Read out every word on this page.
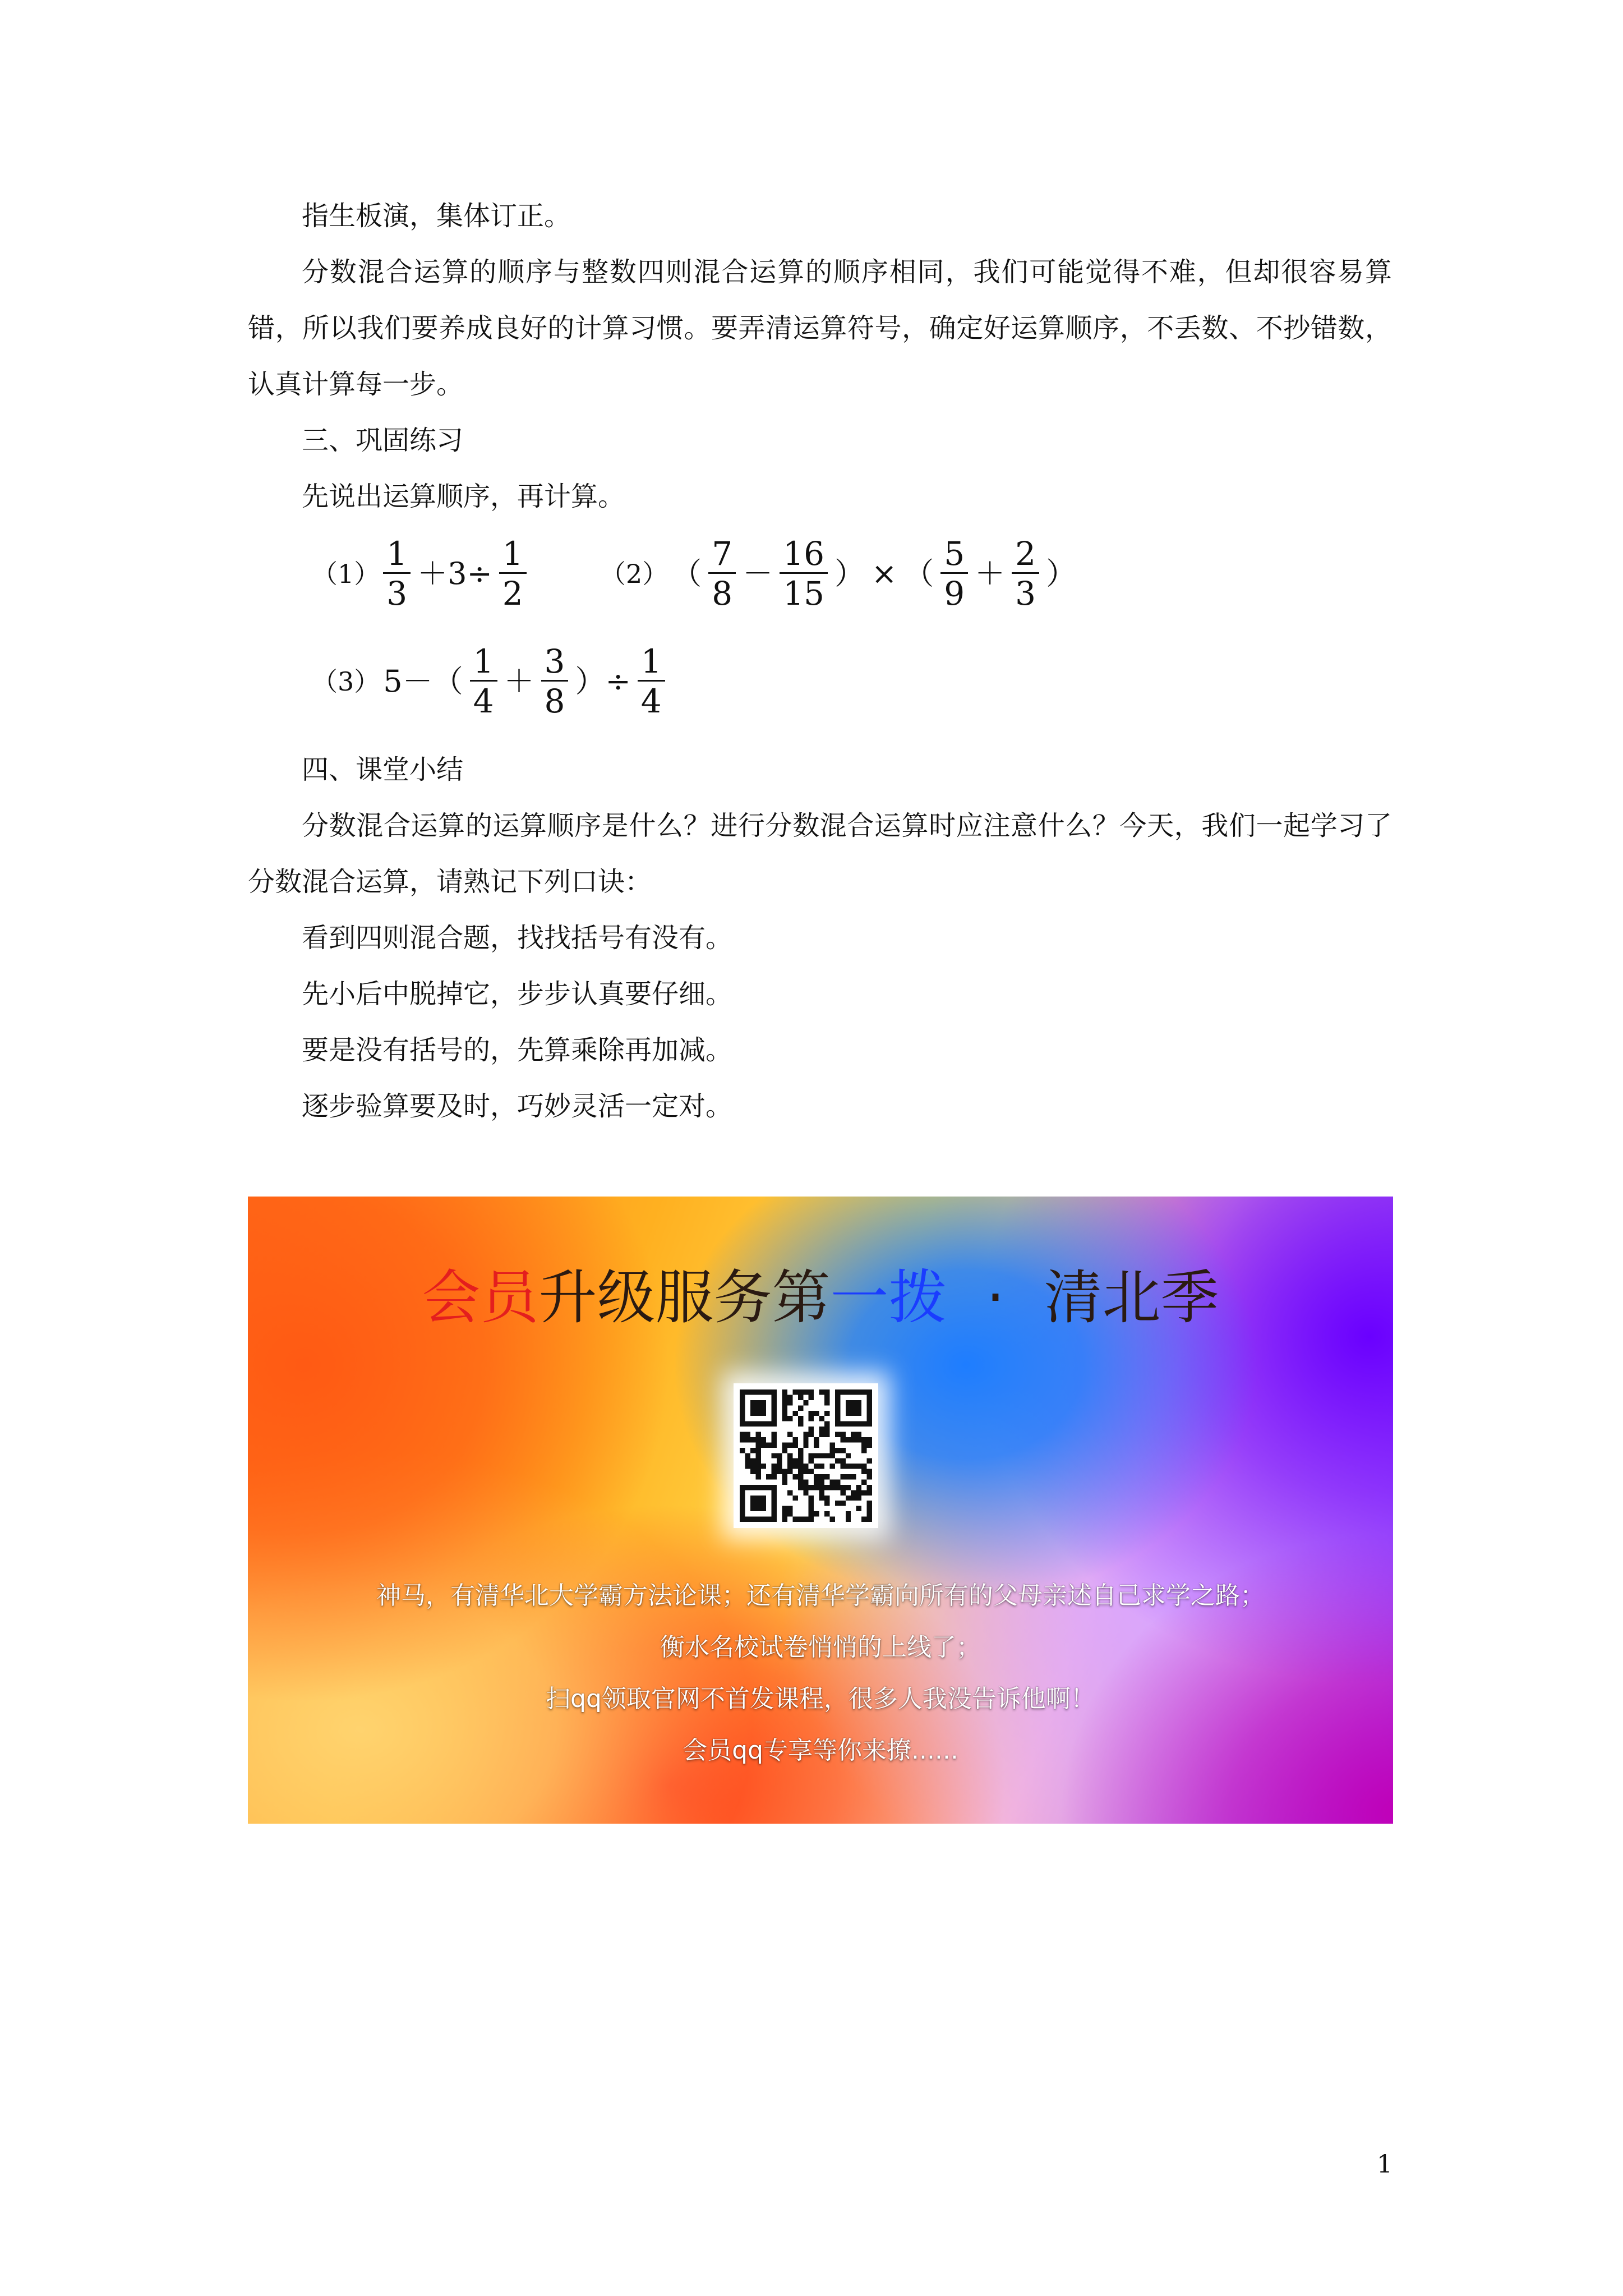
指生板演，集体订正。

分数混合运算的顺序与整数四则混合运算的顺序相同，我们可能觉得不难，但却很容易算错，所以我们要养成良好的计算习惯。要弄清运算符号，确定好运算顺序，不丢数、不抄错数，认真计算每一步。

三、巩固练习

先说出运算顺序，再计算。

$(1) \frac{1}{3} +3\div \frac{1}{2}$	（2） （ $\frac{7}{8} - \frac{16}{15}$ ） × （ $\frac{5}{9} + \frac{2}{3}$ ）
（3） $5-( \frac{1}{4} + \frac{3}{8}$ ）÷ $\frac{1}{4}$

四、课堂小结

分数混合运算的运算顺序是什么？进行分数混合运算时应注意什么？今天，我们一起学习了分数混合运算，请熟记下列口诀：

看到四则混合题，找找括号有没有。

先小后中脱掉它，步步认真要仔细。

要是没有括号的，先算乘除再加减。

逐步验算要及时，巧妙灵活一定对。

会员升级服务第一拨 · 清北季
神马，有清华北大学霸方法论课；还有清华学霸向所有的父母亲述自己求学之路；
衡水名校试卷悄悄的上线了；
扫qq领取官网不首发课程，很多人我没告诉他啊！
会员qq专享等你来撩......
1
